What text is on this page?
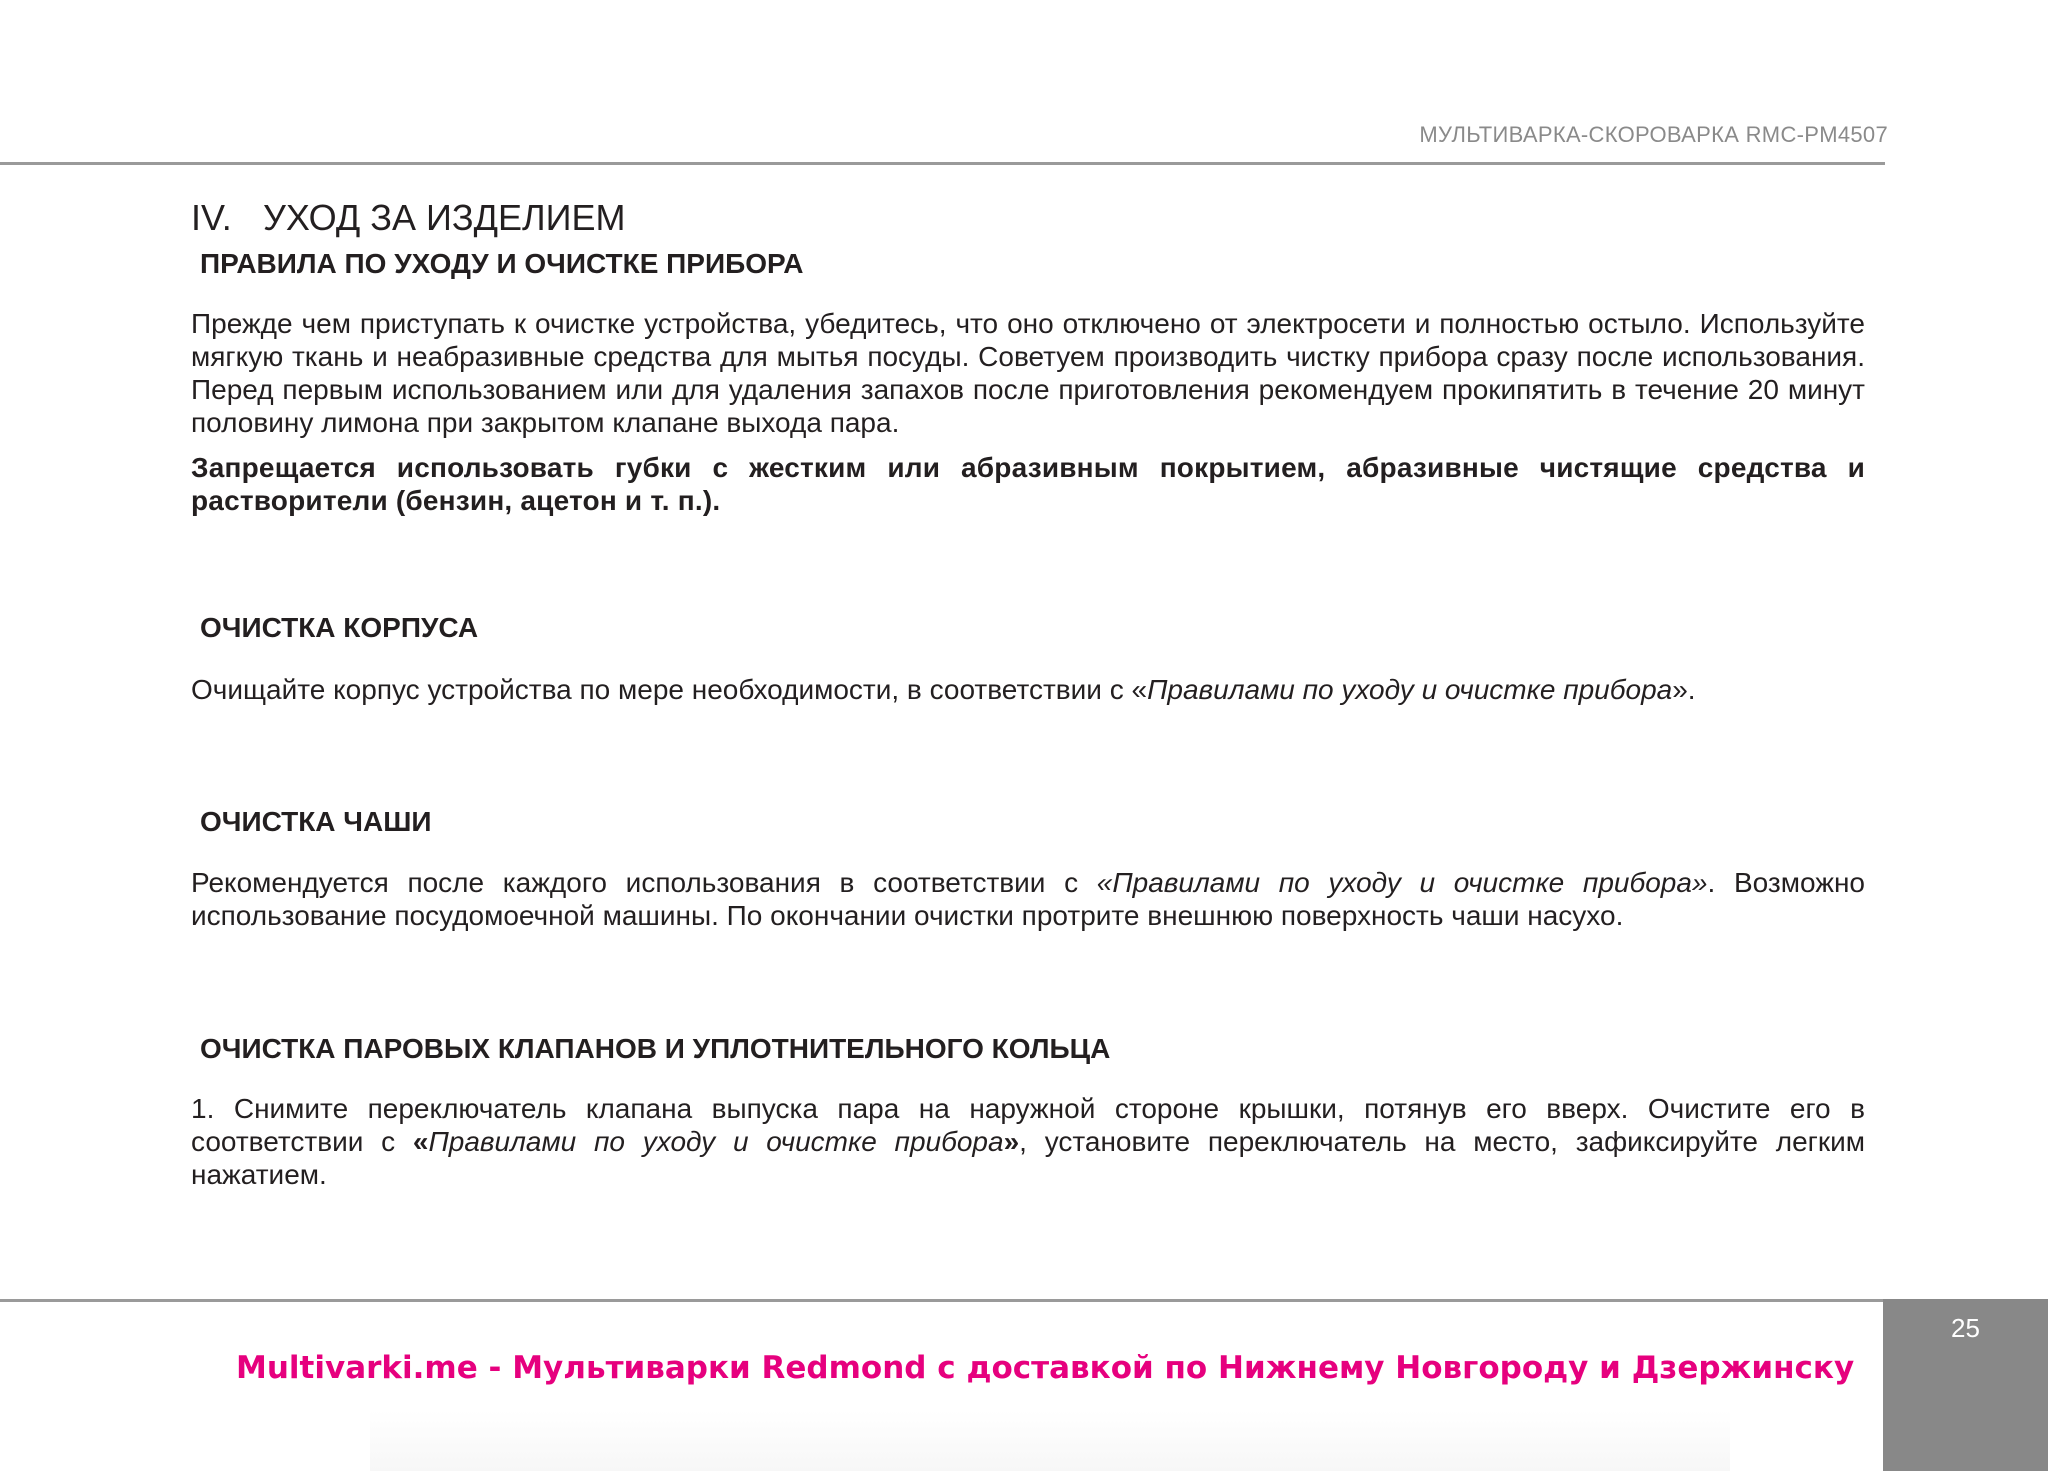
МУЛЬТИВАРКА-СКОРОВАРКА RMC-PM4507
IV. УХОД ЗА ИЗДЕЛИЕМ
ПРАВИЛА ПО УХОДУ И ОЧИСТКЕ ПРИБОРА

Прежде чем приступать к очистке устройства, убедитесь, что оно отключено от электросети и полностью остыло. Используйте мягкую ткань и неабразивные средства для мытья посуды. Советуем производить чистку прибора сразу после использования. Перед первым использованием или для удаления запахов после приготовления рекомендуем прокипятить в течение 20 минут половину лимона при закрытом клапане выхода пара.

Запрещается использовать губки с жестким или абразивным покрытием, абразивные чистящие средства и растворители (бензин, ацетон и т. п.).

ОЧИСТКА КОРПУСА

Очищайте корпус устройства по мере необходимости, в соответствии с «Правилами по уходу и очистке прибора».

ОЧИСТКА ЧАШИ

Рекомендуется после каждого использования в соответствии с «Правилами по уходу и очистке прибора». Возможно использование посудомоечной машины. По окончании очистки протрите внешнюю поверхность чаши насухо.

ОЧИСТКА ПАРОВЫХ КЛАПАНОВ И УПЛОТНИТЕЛЬНОГО КОЛЬЦА

1. Снимите переключатель клапана выпуска пара на наружной стороне крышки, потянув его вверх. Очистите его в соответствии с «Правилами по уходу и очистке прибора», установите переключатель на место, зафиксируйте легким нажатием.

25
Multivarki.me - Мультиварки Redmond с доставкой по Нижнему Новгороду и Дзержинску
